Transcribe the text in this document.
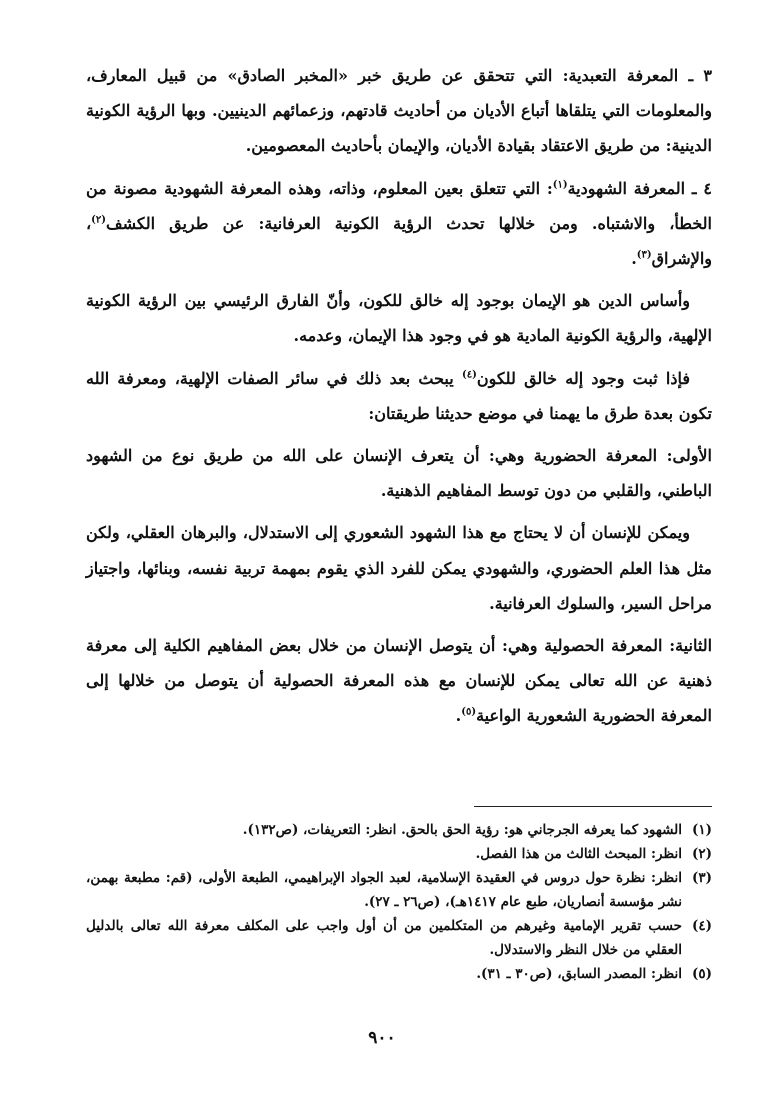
٣ ـ المعرفة التعبدية: التي تتحقق عن طريق خبر «المخبر الصادق» من قبيل المعارف، والمعلومات التي يتلقاها أتباع الأديان من أحاديث قادتهم، وزعمائهم الدينيين. وبها الرؤية الكونية الدينية: من طريق الاعتقاد بقيادة الأديان، والإيمان بأحاديث المعصومين.

٤ ـ المعرفة الشهودية$^{(١)}$: التي تتعلق بعين المعلوم، وذاته، وهذه المعرفة الشهودية مصونة من الخطأ، والاشتباه. ومن خلالها تحدث الرؤية الكونية العرفانية: عن طريق الكشف$^{(٢)}$، والإشراق$^{(٣)}$.

وأساس الدين هو الإيمان بوجود إله خالق للكون، وأنّ الفارق الرئيسي بين الرؤية الكونية الإلهية، والرؤية الكونية المادية هو في وجود هذا الإيمان، وعدمه.

فإذا ثبت وجود إله خالق للكون$^{(٤)}$ يبحث بعد ذلك في سائر الصفات الإلهية، ومعرفة الله تكون بعدة طرق ما يهمنا في موضع حديثنا طريقتان:

الأولى: المعرفة الحضورية وهي: أن يتعرف الإنسان على الله من طريق نوع من الشهود الباطني، والقلبي من دون توسط المفاهيم الذهنية.

ويمكن للإنسان أن لا يحتاج مع هذا الشهود الشعوري إلى الاستدلال، والبرهان العقلي، ولكن مثل هذا العلم الحضوري، والشهودي يمكن للفرد الذي يقوم بمهمة تربية نفسه، وبنائها، واجتياز مراحل السير، والسلوك العرفانية.

الثانية: المعرفة الحصولية وهي: أن يتوصل الإنسان من خلال بعض المفاهيم الكلية إلى معرفة ذهنية عن الله تعالى يمكن للإنسان مع هذه المعرفة الحصولية أن يتوصل من خلالها إلى المعرفة الحضورية الشعورية الواعية$^{(٥)}$.

(١)
الشهود كما يعرفه الجرجاني هو: رؤية الحق بالحق. انظر: التعريفات، (ص١٣٢).
(٢)
انظر: المبحث الثالث من هذا الفصل.
(٣)
انظر: نظرة حول دروس في العقيدة الإسلامية، لعبد الجواد الإبراهيمي، الطبعة الأولى، (قم: مطبعة بهمن، نشر مؤسسة أنصاريان، طبع عام ١٤١٧هـ)، (ص٢٦ ـ ٢٧).
(٤)
حسب تقرير الإمامية وغيرهم من المتكلمين من أن أول واجب على المكلف معرفة الله تعالى بالدليل العقلي من خلال النظر والاستدلال.
(٥)
انظر: المصدر السابق، (ص٣٠ ـ ٣١).
٩٠٠
